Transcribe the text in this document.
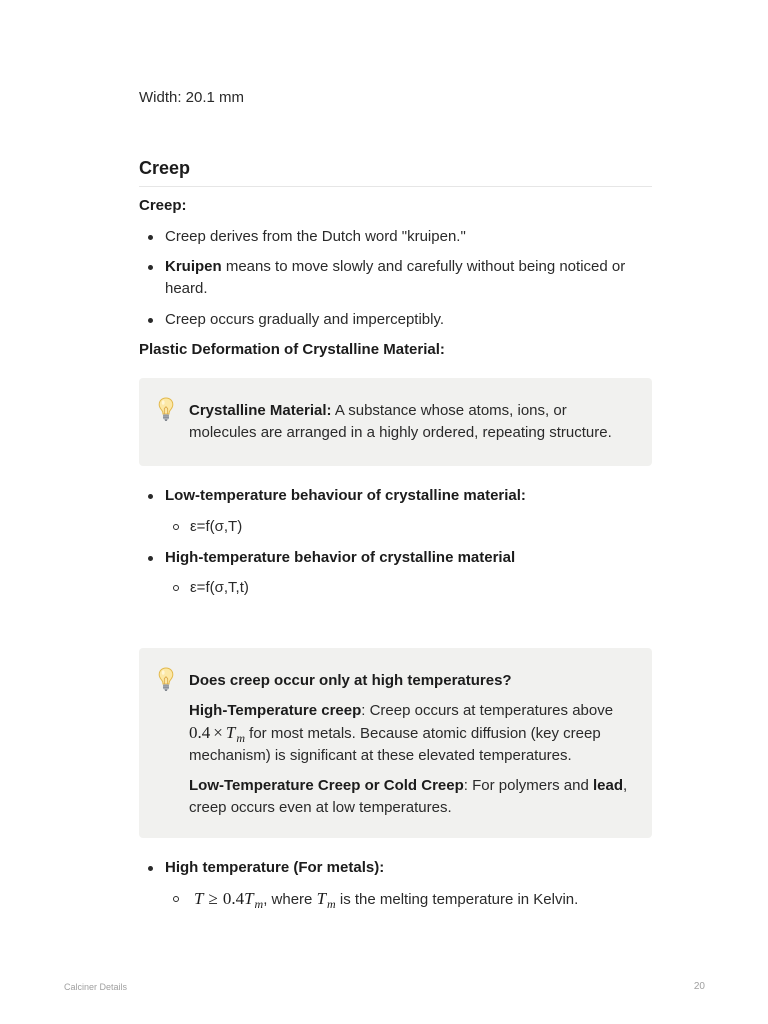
Width: 20.1 mm
Creep
Creep:
Creep derives from the Dutch word "kruipen."
Kruipen means to move slowly and carefully without being noticed or heard.
Creep occurs gradually and imperceptibly.
Plastic Deformation of Crystalline Material:
Crystalline Material: A substance whose atoms, ions, or molecules are arranged in a highly ordered, repeating structure.
Low-temperature behaviour of crystalline material:
ε=f(σ,T)
High-temperature behavior of crystalline material
ε=f(σ,T,t)

Does creep occur only at high temperatures?

High-Temperature creep: Creep occurs at temperatures above $0.4 \times T_m$ for most metals. Because atomic diffusion (key creep mechanism) is significant at these elevated temperatures.

Low-Temperature Creep or Cold Creep: For polymers and lead, creep occurs even at low temperatures.

High temperature (For metals):
$T \ge 0.4T_m$, where $T_m$ is the melting temperature in Kelvin.
Calciner Details	20
